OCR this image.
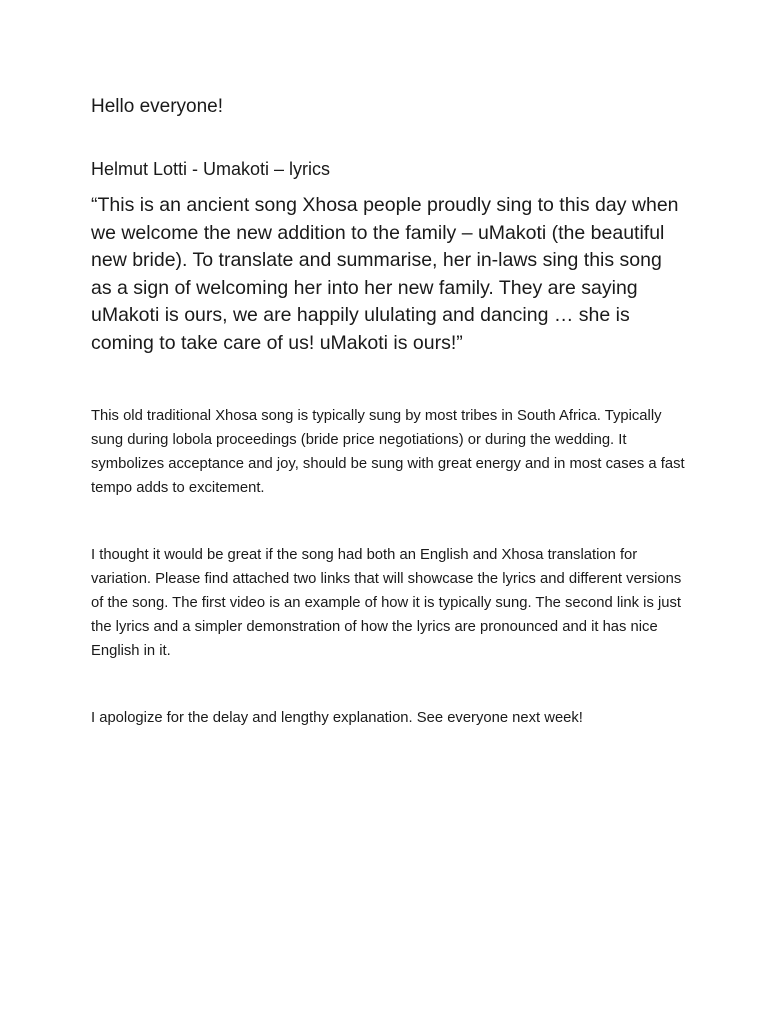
Hello everyone!

Helmut Lotti - Umakoti – lyrics

“This is an ancient song Xhosa people proudly sing to this day when we welcome the new addition to the family – uMakoti (the beautiful new bride). To translate and summarise, her in-laws sing this song as a sign of welcoming her into her new family. They are saying uMakoti is ours, we are happily ululating and dancing … she is coming to take care of us! uMakoti is ours!”

This old traditional Xhosa song is typically sung by most tribes in South Africa. Typically sung during lobola proceedings (bride price negotiations) or during the wedding. It symbolizes acceptance and joy, should be sung with great energy and in most cases a fast tempo adds to excitement.

I thought it would be great if the song had both an English and Xhosa translation for variation. Please find attached two links that will showcase the lyrics and different versions of the song. The first video is an example of how it is typically sung. The second link is just the lyrics and a simpler demonstration of how the lyrics are pronounced and it has nice English in it.

I apologize for the delay and lengthy explanation. See everyone next week!
